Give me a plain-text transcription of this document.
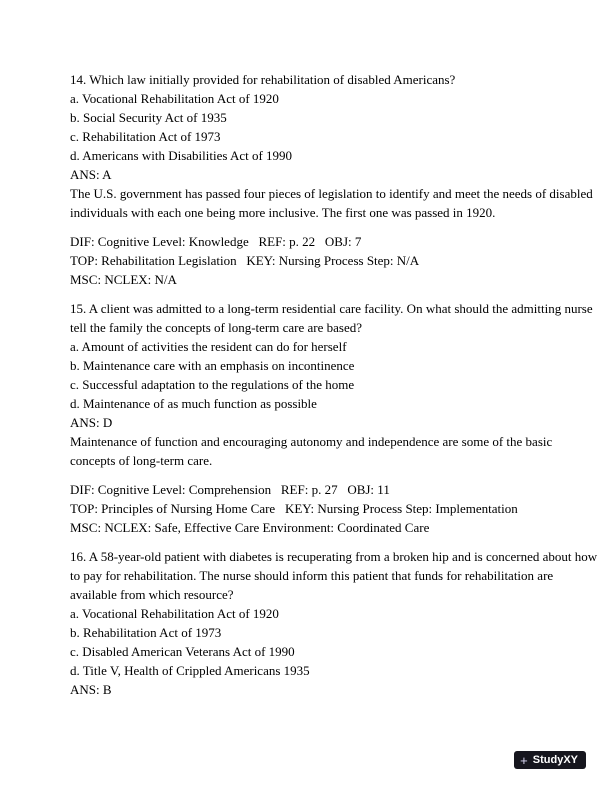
14. Which law initially provided for rehabilitation of disabled Americans?
a. Vocational Rehabilitation Act of 1920
b. Social Security Act of 1935
c. Rehabilitation Act of 1973
d. Americans with Disabilities Act of 1990
ANS: A
The U.S. government has passed four pieces of legislation to identify and meet the needs of disabled
individuals with each one being more inclusive. The first one was passed in 1920.
DIF: Cognitive Level: Knowledge   REF: p. 22   OBJ: 7
TOP: Rehabilitation Legislation   KEY: Nursing Process Step: N/A
MSC: NCLEX: N/A
15. A client was admitted to a long-term residential care facility. On what should the admitting nurse
tell the family the concepts of long-term care are based?
a. Amount of activities the resident can do for herself
b. Maintenance care with an emphasis on incontinence
c. Successful adaptation to the regulations of the home
d. Maintenance of as much function as possible
ANS: D
Maintenance of function and encouraging autonomy and independence are some of the basic
concepts of long-term care.
DIF: Cognitive Level: Comprehension   REF: p. 27   OBJ: 11
TOP: Principles of Nursing Home Care   KEY: Nursing Process Step: Implementation
MSC: NCLEX: Safe, Effective Care Environment: Coordinated Care
16. A 58-year-old patient with diabetes is recuperating from a broken hip and is concerned about how
to pay for rehabilitation. The nurse should inform this patient that funds for rehabilitation are
available from which resource?
a. Vocational Rehabilitation Act of 1920
b. Rehabilitation Act of 1973
c. Disabled American Veterans Act of 1990
d. Title V, Health of Crippled Americans 1935
ANS: B
+ StudyXY
